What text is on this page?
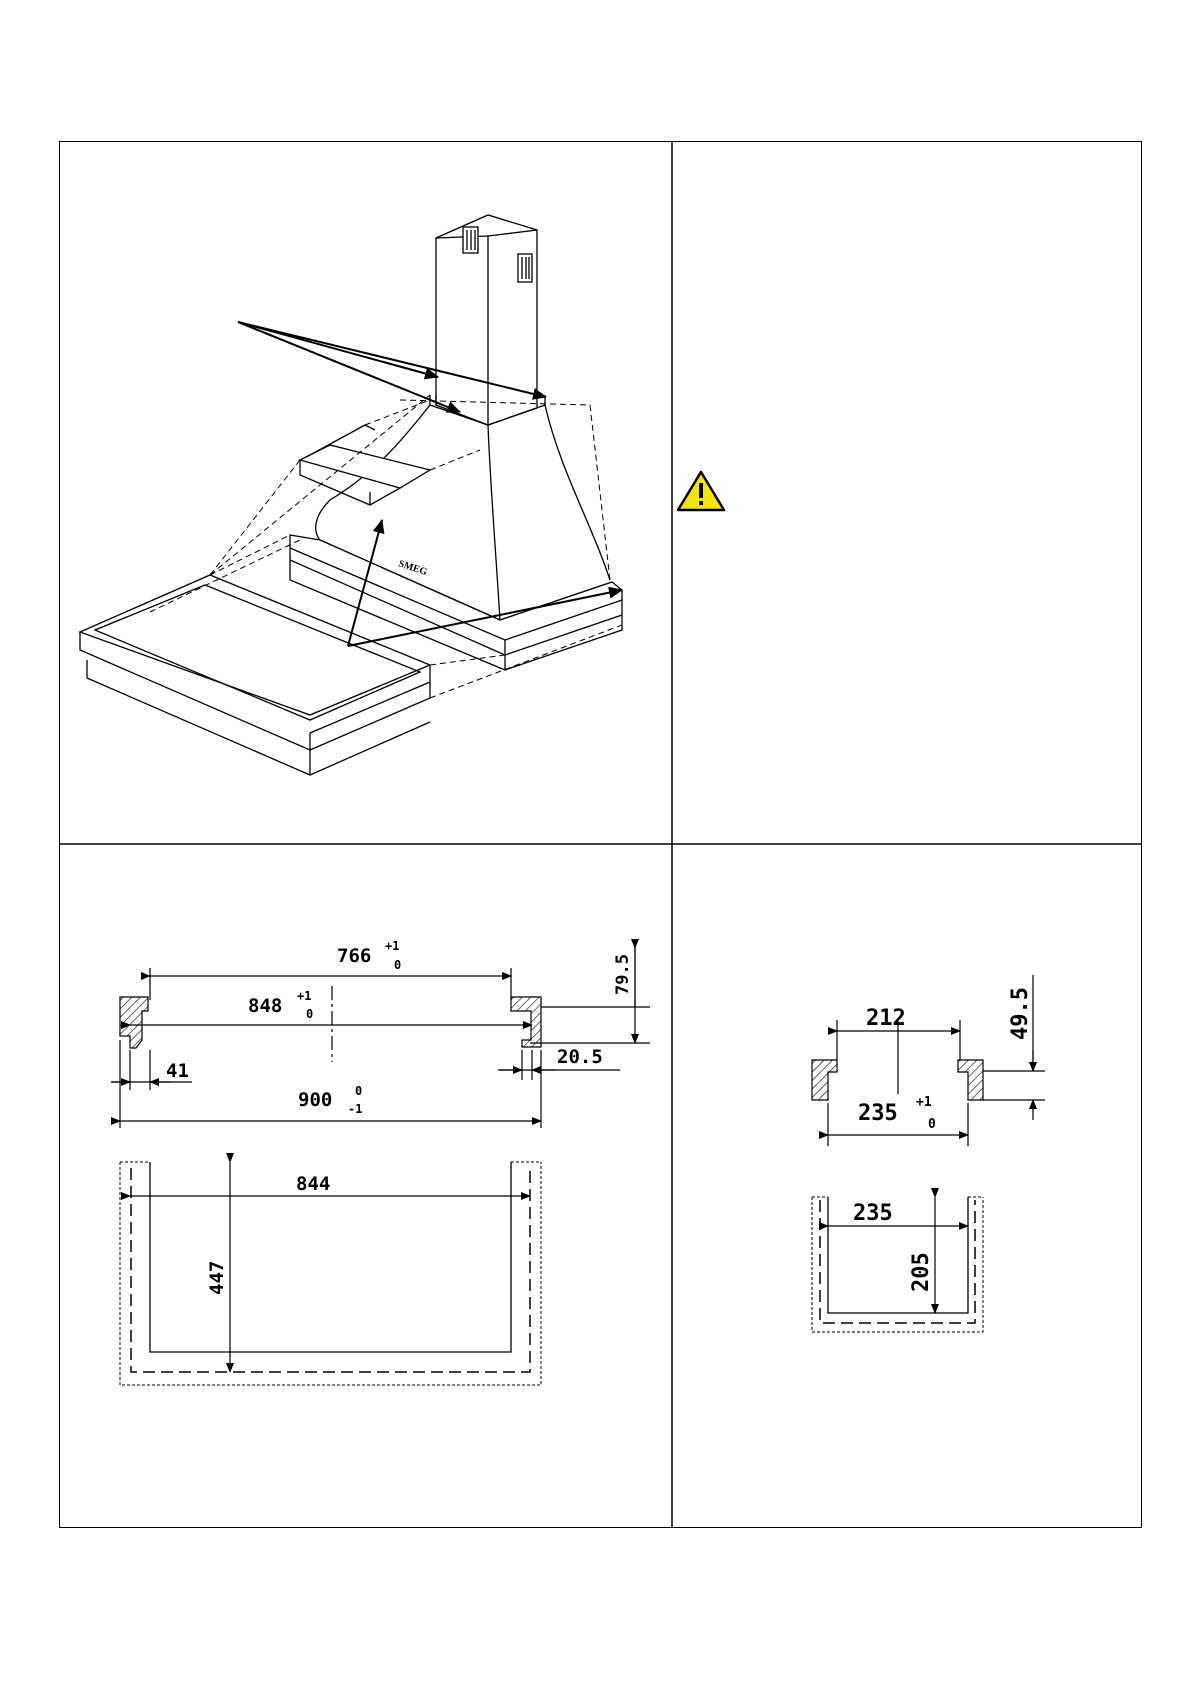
SMEG
766 +1
0
848 +1
0
41
20.5
900 0
-1
79.5
844
447
212
235 +1
0
49.5
235
205
